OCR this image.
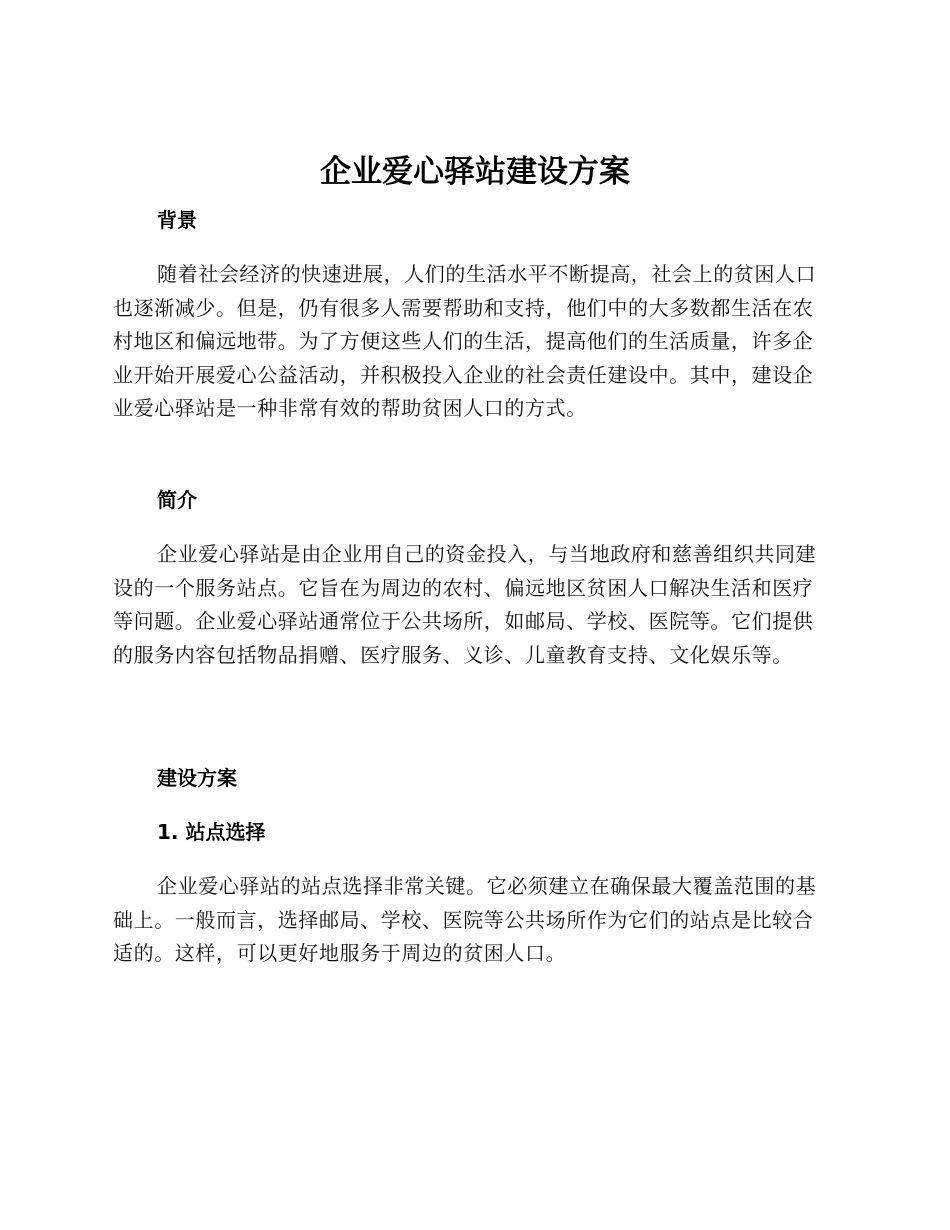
企业爱心驿站建设方案
背景

随着社会经济的快速进展，人们的生活水平不断提高，社会上的贫困人口也逐渐减少。但是，仍有很多人需要帮助和支持，他们中的大多数都生活在农村地区和偏远地带。为了方便这些人们的生活，提高他们的生活质量，许多企业开始开展爱心公益活动，并积极投入企业的社会责任建设中。其中，建设企业爱心驿站是一种非常有效的帮助贫困人口的方式。

简介

企业爱心驿站是由企业用自己的资金投入，与当地政府和慈善组织共同建设的一个服务站点。它旨在为周边的农村、偏远地区贫困人口解决生活和医疗等问题。企业爱心驿站通常位于公共场所，如邮局、学校、医院等。它们提供的服务内容包括物品捐赠、医疗服务、义诊、儿童教育支持、文化娱乐等。

建设方案
1. 站点选择

企业爱心驿站的站点选择非常关键。它必须建立在确保最大覆盖范围的基础上。一般而言，选择邮局、学校、医院等公共场所作为它们的站点是比较合适的。这样，可以更好地服务于周边的贫困人口。
